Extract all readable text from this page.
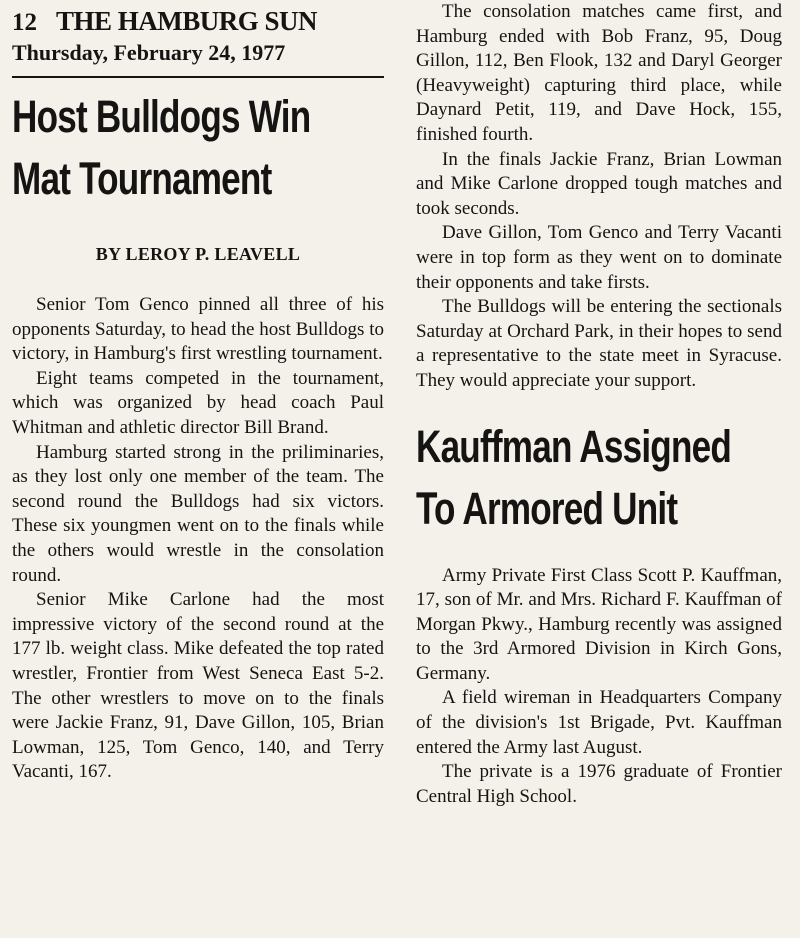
12 THE HAMBURG SUN
Thursday, February 24, 1977
Host Bulldogs Win
Mat Tournament
BY LEROY P. LEAVELL

Senior Tom Genco pinned all three of his opponents Saturday, to head the host Bulldogs to victory, in Hamburg's first wrestling tournament.

Eight teams competed in the tournament, which was organized by head coach Paul Whitman and athletic director Bill Brand.

Hamburg started strong in the priliminaries, as they lost only one member of the team. The second round the Bulldogs had six victors. These six youngmen went on to the finals while the others would wrestle in the consolation round.

Senior Mike Carlone had the most impressive victory of the second round at the 177 lb. weight class. Mike defeated the top rated wrestler, Frontier from West Seneca East 5-2. The other wrestlers to move on to the finals were Jackie Franz, 91, Dave Gillon, 105, Brian Lowman, 125, Tom Genco, 140, and Terry Vacanti, 167.

The consolation matches came first, and Hamburg ended with Bob Franz, 95, Doug Gillon, 112, Ben Flook, 132 and Daryl Georger (Heavyweight) capturing third place, while Daynard Petit, 119, and Dave Hock, 155, finished fourth.

In the finals Jackie Franz, Brian Lowman and Mike Carlone dropped tough matches and took seconds.

Dave Gillon, Tom Genco and Terry Vacanti were in top form as they went on to dominate their opponents and take firsts.

The Bulldogs will be entering the sectionals Saturday at Orchard Park, in their hopes to send a representative to the state meet in Syracuse. They would appreciate your support.

Kauffman Assigned
To Armored Unit

Army Private First Class Scott P. Kauffman, 17, son of Mr. and Mrs. Richard F. Kauffman of Morgan Pkwy., Hamburg recently was assigned to the 3rd Armored Division in Kirch Gons, Germany.

A field wireman in Headquarters Company of the division's 1st Brigade, Pvt. Kauffman entered the Army last August.

The private is a 1976 graduate of Frontier Central High School.
